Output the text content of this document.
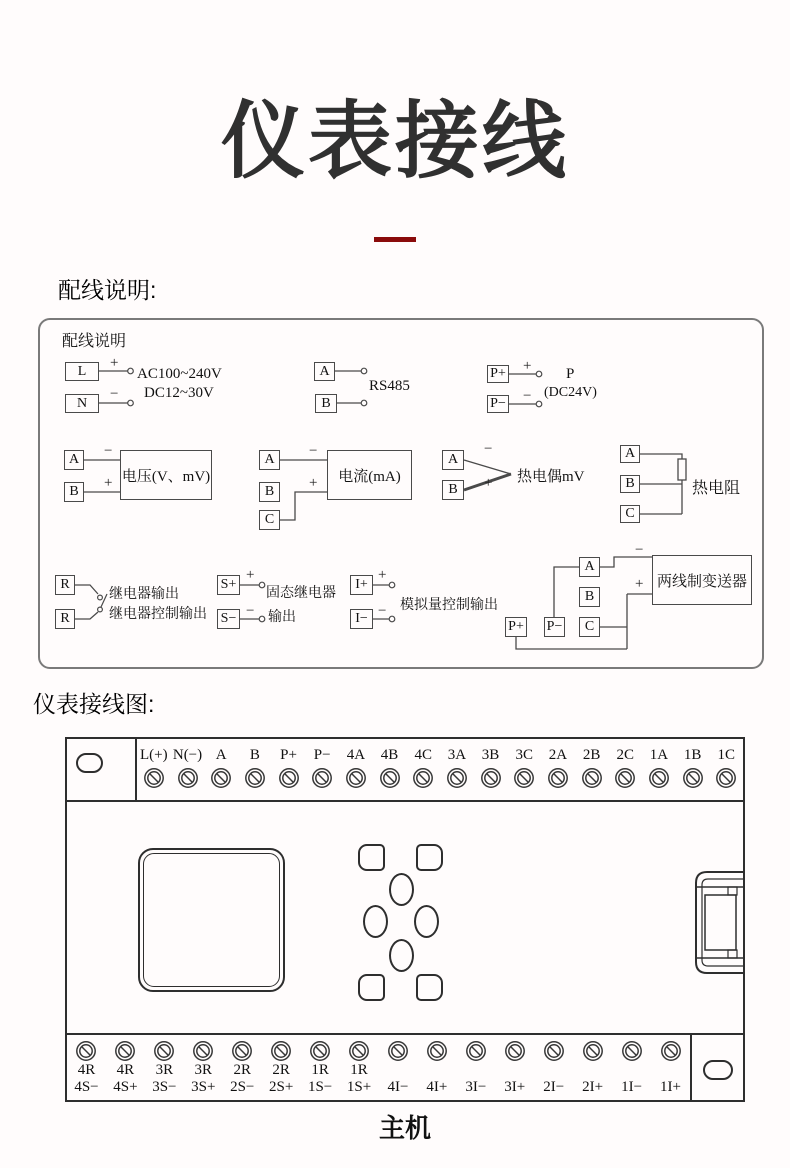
仪表接线
配线说明:
配线说明
L
N
+
−
AC100~240V
DC12~30V
A
B
RS485
P+
P−
+
−
P
(DC24V)
A
B
−
+ 电压(V、mV)
A
B
C
−
+	电流(mA)
A
B
−
+ 热电偶mV
A
B
C
热电阻
R
R
继电器输出
继电器控制输出
S+
S−
+
−
固态继电器
输出
I+
I−
+
− 模拟量控制输出
A
B
C
P+ P−
−
+ 两线制变送器
仪表接线图:
L(+) N(−) A B P+ P− 4A 4B 4C 3A 3B 3C 2A 2B 2C 1A 1B 1C
4R
4S−
4R
4S+
3R
3S−
3R
3S+
2R
2S−
2R
2S+
1R
1S−
1R
1S+ 4I− 4I+ 3I− 3I+ 2I− 2I+ 1I− 1I+
主机
